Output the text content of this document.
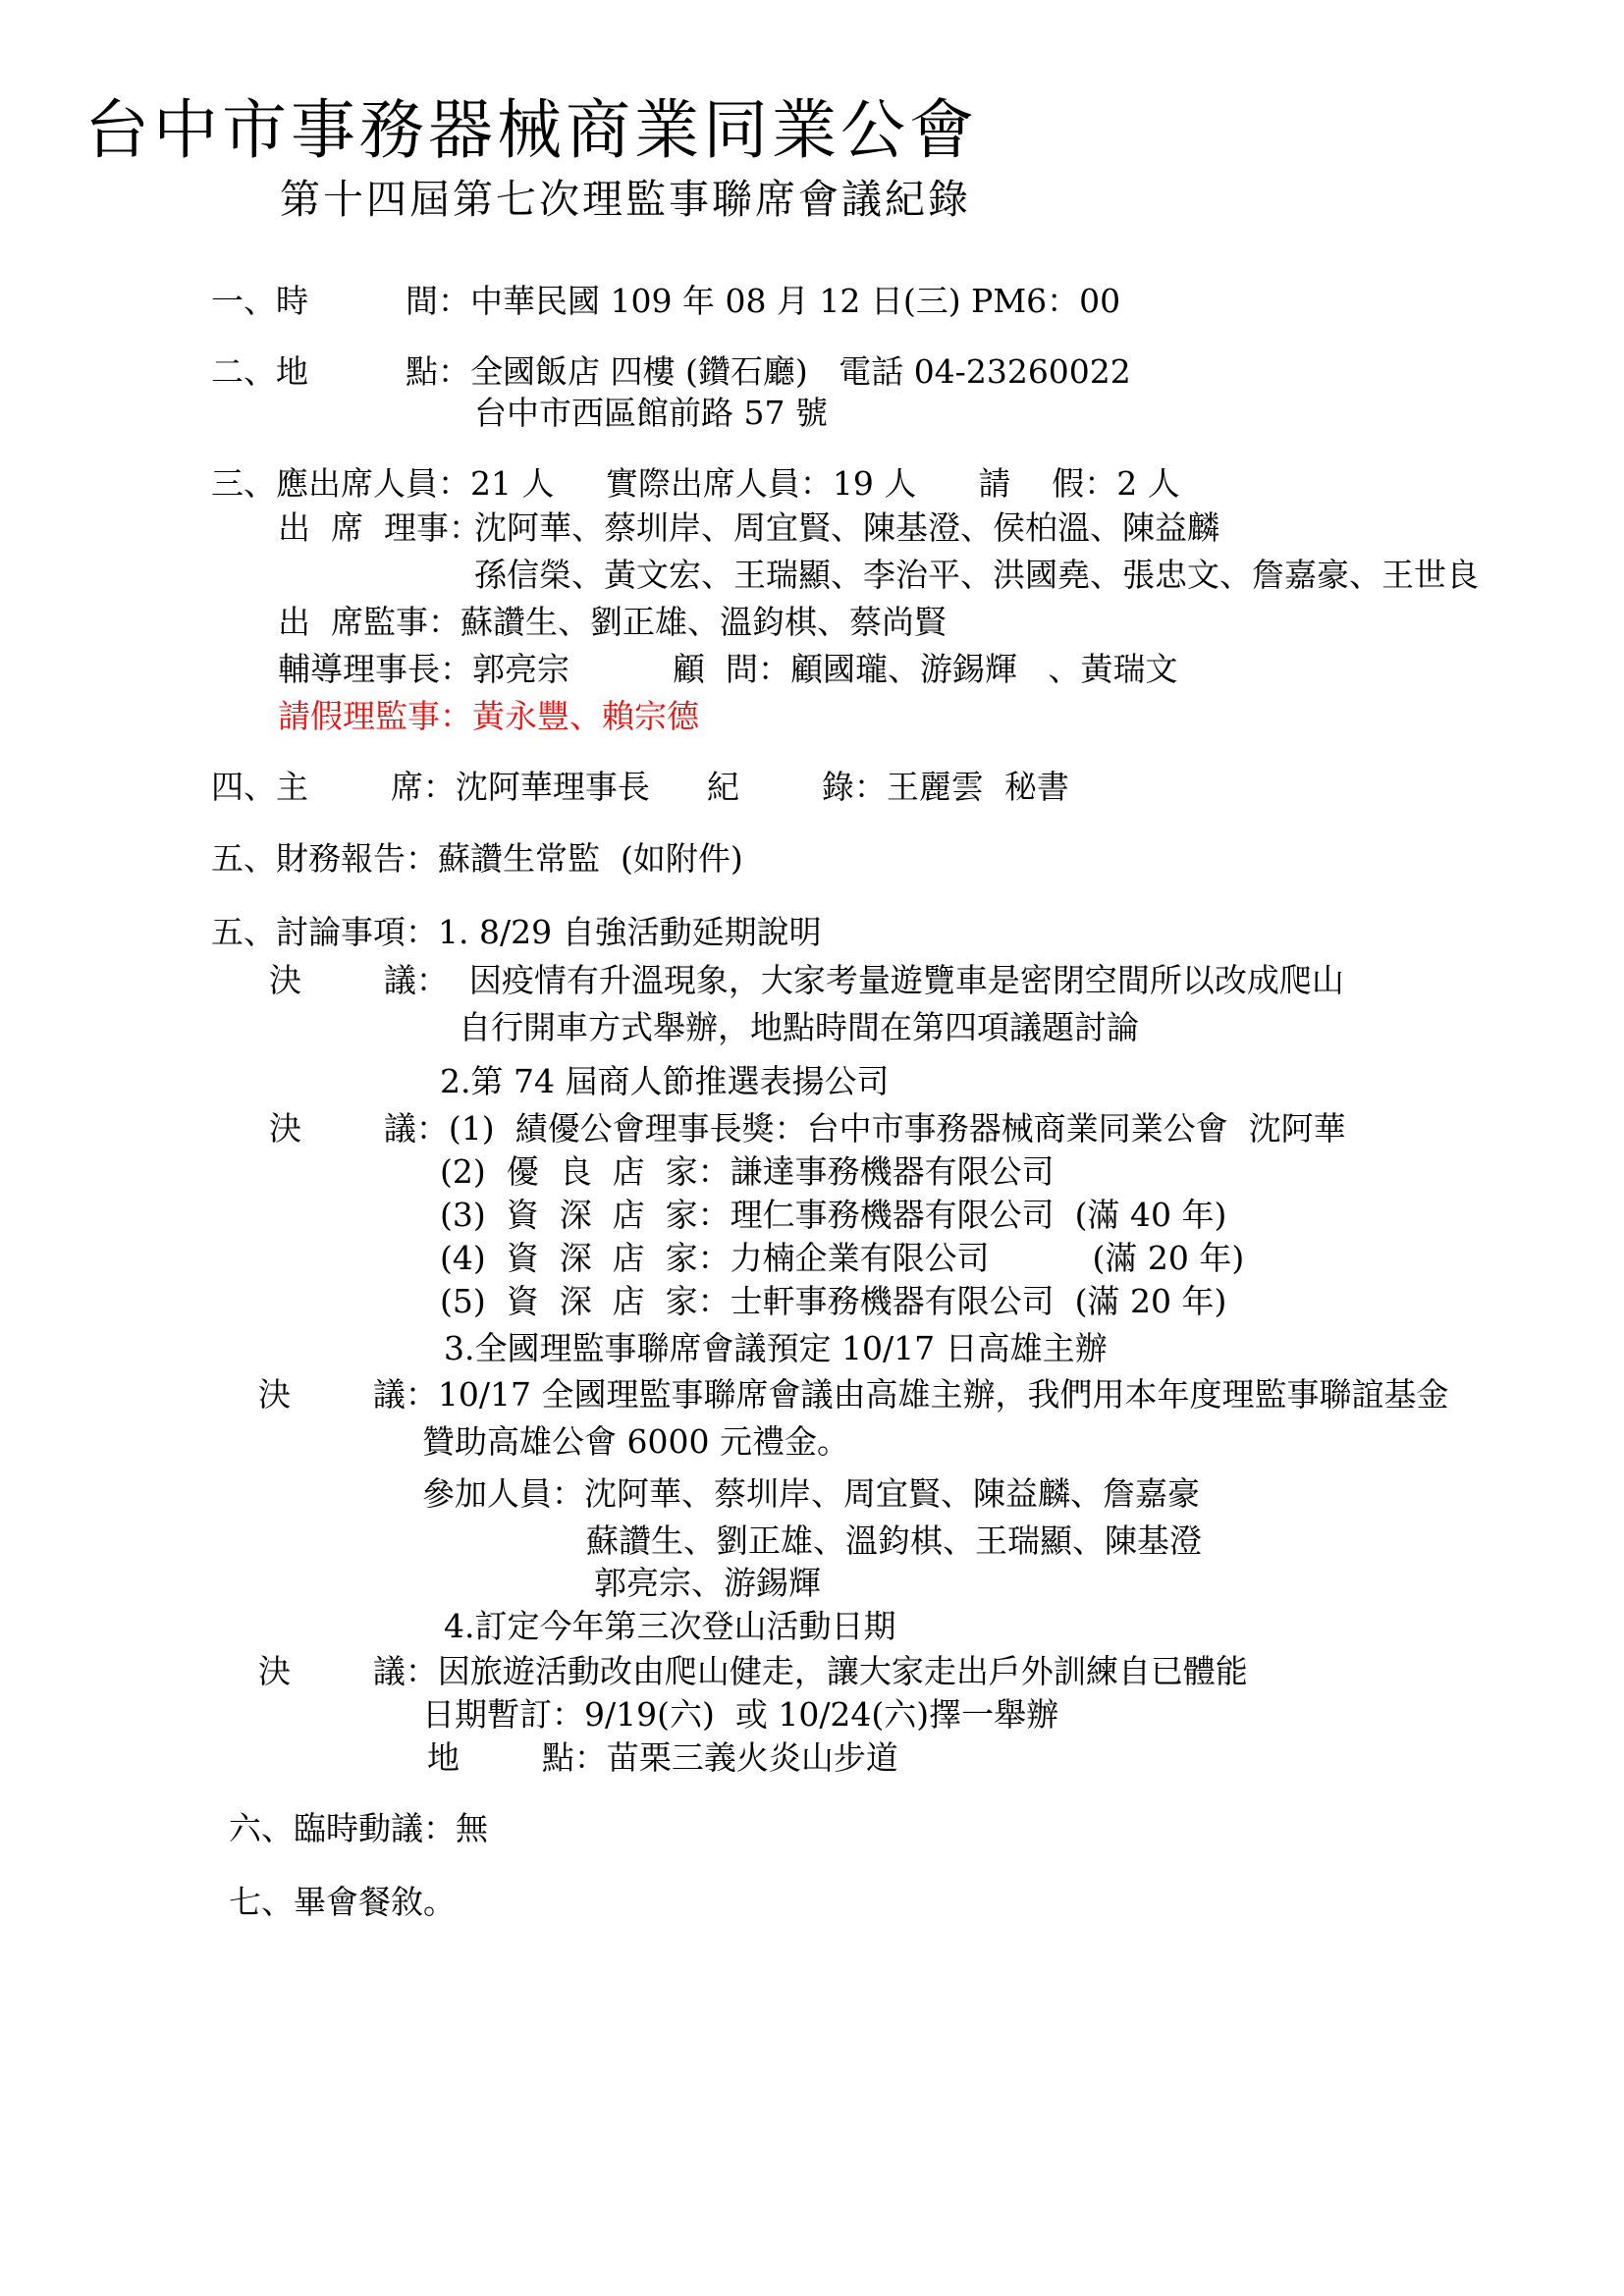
台中市事務器械商業同業公會
第十四屆第七次理監事聯席會議紀錄
一、時	間：中華民國 109 年 08 月 12 日(三) PM6：00
二、地	點：全國飯店 四樓 (鑽石廳)   電話 04-23260022
台中市西區館前路 57 號
三、應出席人員：21 人     實際出席人員：19 人      請    假：2 人
出  席  理事：
沈阿華、蔡圳岸、周宜賢、陳基澄、侯柏溫、陳益麟
孫信榮、黃文宏、王瑞顯、李治平、洪國堯、張忠文、詹嘉豪、王世良
出  席監事：蘇讚生、劉正雄、溫鈞棋、蔡尚賢
輔導理事長：郭亮宗	顧  問：顧國瓏、游錫輝   、黃瑞文
請假理監事：黃永豐、賴宗德
四、主        席：沈阿華理事長 紀        錄：王麗雲  秘書
五、財務報告：蘇讚生常監  (如附件)
五、討論事項：1. 8/29 自強活動延期說明
決        議：  因疫情有升溫現象，大家考量遊覽車是密閉空間所以改成爬山
自行開車方式舉辦，地點時間在第四項議題討論
2.第 74 屆商人節推選表揚公司
決        議：(1)  績優公會理事長獎：台中市事務器械商業同業公會  沈阿華
(2)  優  良  店  家：謙達事務機器有限公司
(3)  資  深  店  家：理仁事務機器有限公司  (滿 40 年)
(4)  資  深  店  家：力楠企業有限公司          (滿 20 年)
(5)  資  深  店  家：士軒事務機器有限公司  (滿 20 年)
3.全國理監事聯席會議預定 10/17 日高雄主辦
決        議：10/17 全國理監事聯席會議由高雄主辦，我們用本年度理監事聯誼基金
贊助高雄公會 6000 元禮金。
參加人員：沈阿華、蔡圳岸、周宜賢、陳益麟、詹嘉豪
蘇讚生、劉正雄、溫鈞棋、王瑞顯、陳基澄
郭亮宗、游錫輝
4.訂定今年第三次登山活動日期
決        議：因旅遊活動改由爬山健走，讓大家走出戶外訓練自已體能
日期暫訂：9/19(六)  或 10/24(六)擇一舉辦
地        點：苗栗三義火炎山步道
六、臨時動議：無
七、畢會餐敘。
